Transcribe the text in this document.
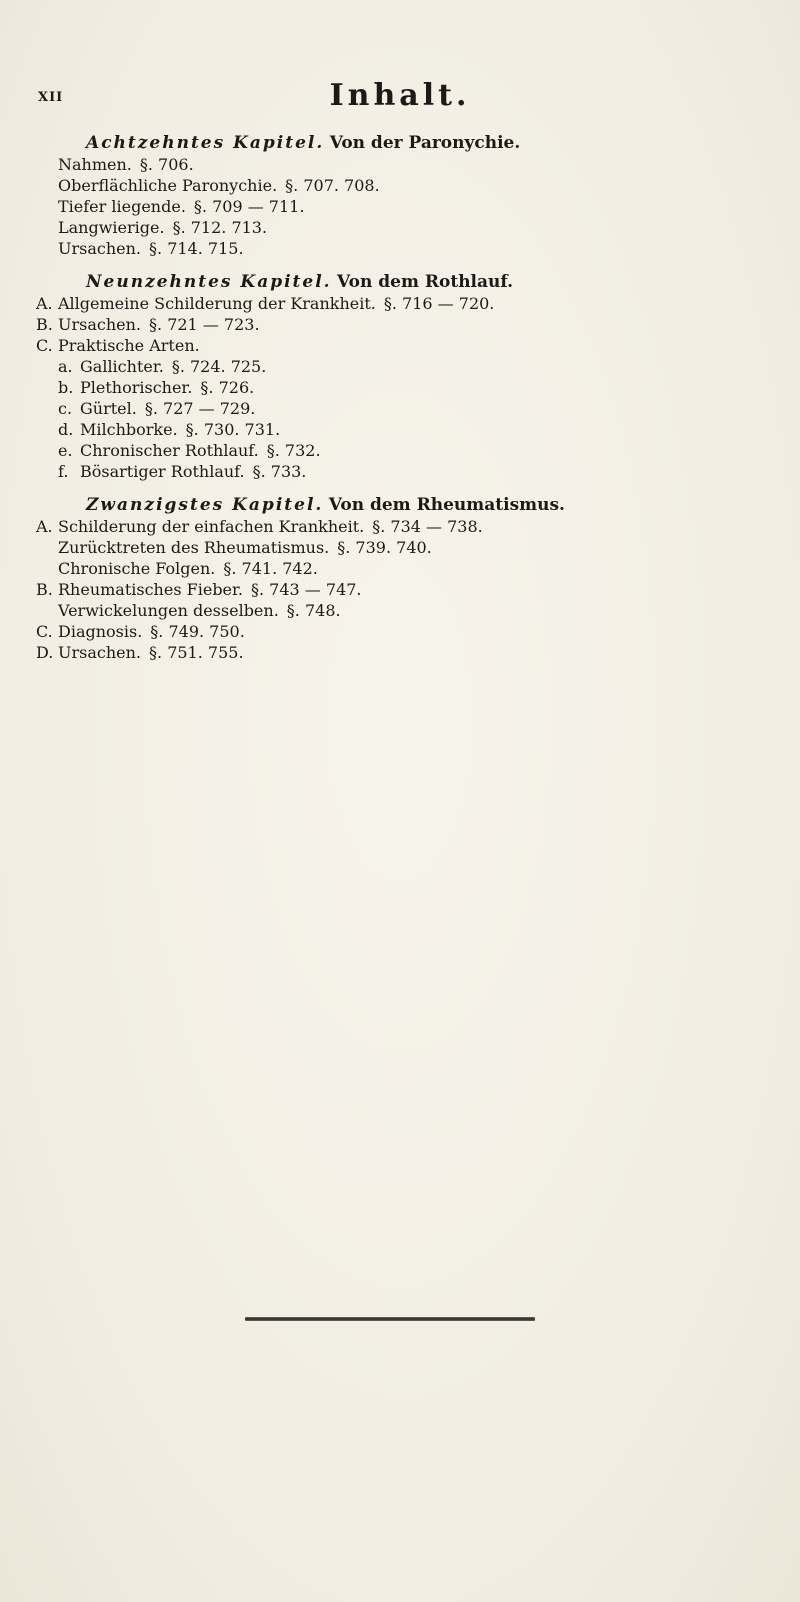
XII	Inhalt.
Achtzehntes Kapitel. Von der Paronychie.
Nahmen. §. 706.
Oberflächliche Paronychie. §. 707. 708.
Tiefer liegende. §. 709 — 711.
Langwierige. §. 712. 713.
Ursachen. §. 714. 715.
Neunzehntes Kapitel. Von dem Rothlauf.
A. Allgemeine Schilderung der Krankheit. §. 716 — 720.
B. Ursachen. §. 721 — 723.
C. Praktische Arten.
a. Gallichter. §. 724. 725.
b. Plethorischer. §. 726.
c. Gürtel. §. 727 — 729.
d. Milchborke. §. 730. 731.
e. Chronischer Rothlauf. §. 732.
f. Bösartiger Rothlauf. §. 733.
Zwanzigstes Kapitel. Von dem Rheumatismus.
A. Schilderung der einfachen Krankheit. §. 734 — 738.
Zurücktreten des Rheumatismus. §. 739. 740.
Chronische Folgen. §. 741. 742.
B. Rheumatisches Fieber. §. 743 — 747.
Verwickelungen desselben. §. 748.
C. Diagnosis. §. 749. 750.
D. Ursachen. §. 751. 755.
